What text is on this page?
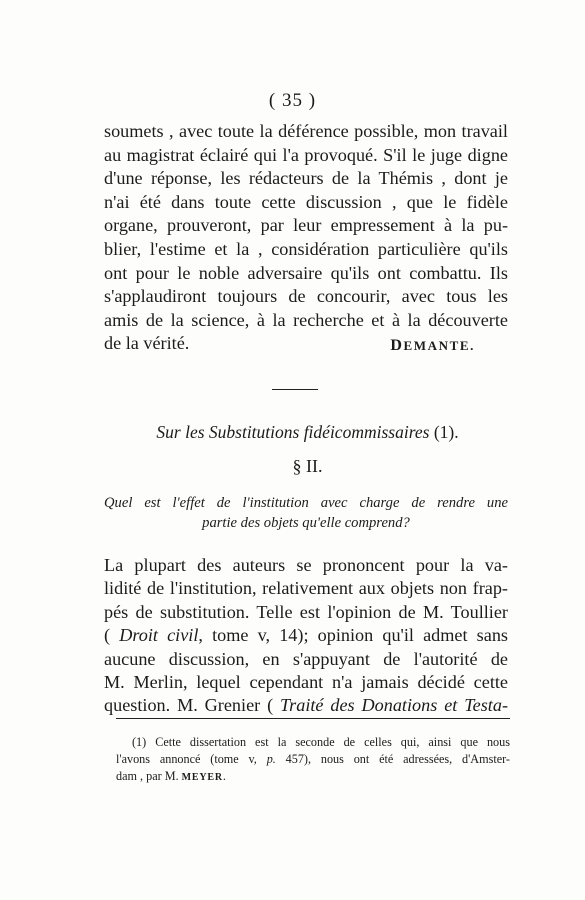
( 35 )
soumets , avec toute la déférence possible, mon travail
au magistrat éclairé qui l'a provoqué. S'il le juge digne
d'une réponse, les rédacteurs de la Thémis , dont je
n'ai été dans toute cette discussion , que le fidèle
organe, prouveront, par leur empressement à la pu-
blier, l'estime et la , considération particulière qu'ils
ont pour le noble adversaire qu'ils ont combattu. Ils
s'applaudiront toujours de concourir, avec tous les
amis de la science, à la recherche et à la découverte
de la vérité.	DEMANTE.
Sur les Substitutions fidéicommissaires (1).
§ II.
Quel est l'effet de l'institution avec charge de rendre une
partie des objets qu'elle comprend?
La plupart des auteurs se prononcent pour la va-
lidité de l'institution, relativement aux objets non frap-
pés de substitution. Telle est l'opinion de M. Toullier
( Droit civil, tome v, 14); opinion qu'il admet sans
aucune discussion, en s'appuyant de l'autorité de
M. Merlin, lequel cependant n'a jamais décidé cette
question. M. Grenier ( Traité des Donations et Testa-
(1) Cette dissertation est la seconde de celles qui, ainsi que nous
l'avons annoncé (tome v, p. 457), nous ont été adressées, d'Amster-
dam , par M. MEYER.
